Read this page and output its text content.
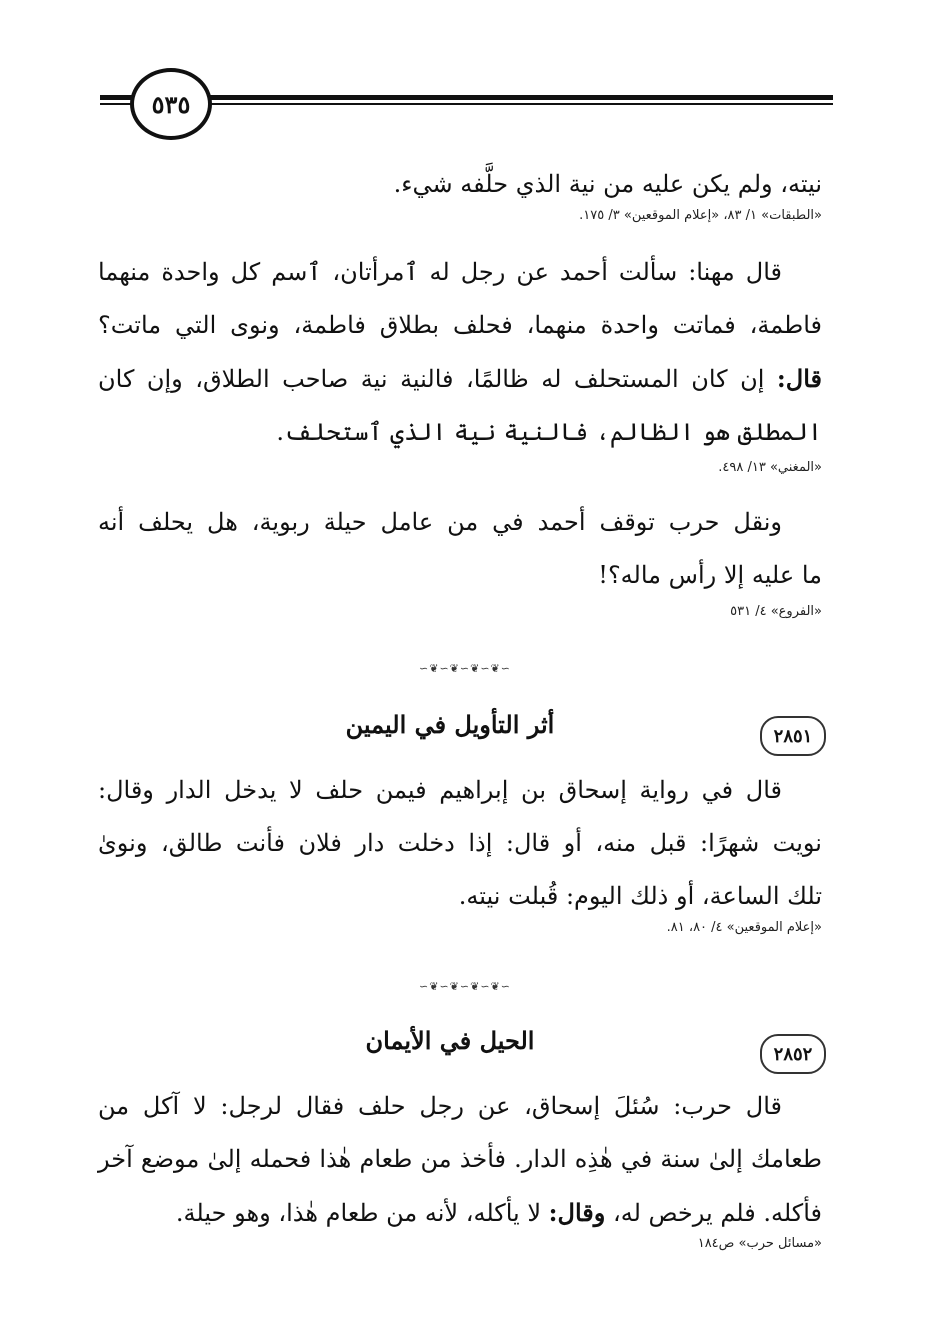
٥٣٥
نيته، ولم يكن عليه من نية الذي حلَّفه شيء.
«الطبقات» ١/ ٨٣، «إعلام الموقعين» ٣/ ١٧٥.

قال مهنا: سألت أحمد عن رجل له ٱمرأتان، ٱسم كل واحدة منهما

فاطمة، فماتت واحدة منهما، فحلف بطلاق فاطمة، ونوى التي ماتت؟

قال: إن كان المستحلف له ظالمًا، فالنية نية صاحب الطلاق، وإن كان

المطلق هو الظالم، فالنية نية الذي ٱستحلف.

«المغني» ١٣/ ٤٩٨.

ونقل حرب توقف أحمد في من عامل حيلة ربوية، هل يحلف أنه

ما عليه إلا رأس ماله؟!

«الفروع» ٤/ ٥٣١
∽❦∽❦∽❦∽❦∽
٢٨٥١
أثر التأويل في اليمين

قال في رواية إسحاق بن إبراهيم فيمن حلف لا يدخل الدار وقال:

نويت شهرًا: قبل منه، أو قال: إذا دخلت دار فلان فأنت طالق، ونوىٰ

تلك الساعة، أو ذلك اليوم: قُبلت نيته.

«إعلام الموقعين» ٤/ ٨٠، ٨١.
∽❦∽❦∽❦∽❦∽
٢٨٥٢
الحيل في الأيمان

قال حرب: سُئلَ إسحاق، عن رجل حلف فقال لرجل: لا آكل من

طعامك إلىٰ سنة في هٰذِه الدار. فأخذ من طعام هٰذا فحمله إلىٰ موضع آخر

فأكله. فلم يرخص له، وقال: لا يأكله، لأنه من طعام هٰذا، وهو حيلة.

«مسائل حرب» ص١٨٤
